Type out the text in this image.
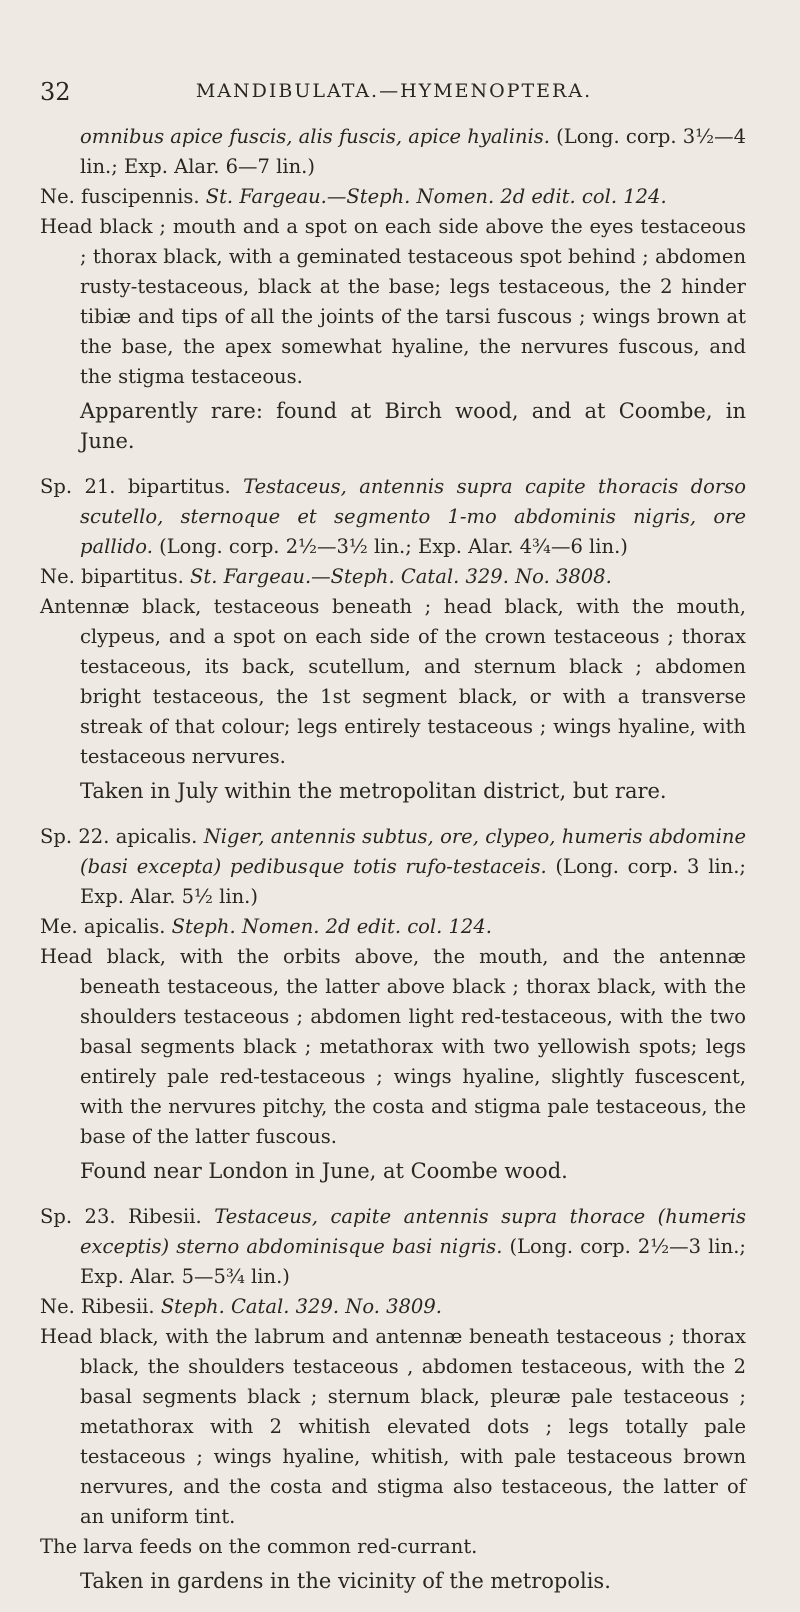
32	MANDIBULATA.—HYMENOPTERA.

omnibus apice fuscis, alis fuscis, apice hyalinis. (Long. corp. 3½—4 lin.; Exp. Alar. 6—7 lin.)

Ne. fuscipennis. St. Fargeau.—Steph. Nomen. 2d edit. col. 124.

Head black ; mouth and a spot on each side above the eyes testaceous ; thorax black, with a geminated testaceous spot behind ; abdomen rusty-testaceous, black at the base; legs testaceous, the 2 hinder tibiæ and tips of all the joints of the tarsi fuscous ; wings brown at the base, the apex somewhat hyaline, the nervures fuscous, and the stigma testaceous.

Apparently rare: found at Birch wood, and at Coombe, in June.

Sp. 21. bipartitus. Testaceus, antennis supra capite thoracis dorso scutello, sternoque et segmento 1-mo abdominis nigris, ore pallido. (Long. corp. 2½—3½ lin.; Exp. Alar. 4¾—6 lin.)

Ne. bipartitus. St. Fargeau.—Steph. Catal. 329. No. 3808.

Antennæ black, testaceous beneath ; head black, with the mouth, clypeus, and a spot on each side of the crown testaceous ; thorax testaceous, its back, scutellum, and sternum black ; abdomen bright testaceous, the 1st segment black, or with a transverse streak of that colour; legs entirely testaceous ; wings hyaline, with testaceous nervures.

Taken in July within the metropolitan district, but rare.

Sp. 22. apicalis. Niger, antennis subtus, ore, clypeo, humeris abdomine (basi excepta) pedibusque totis rufo-testaceis. (Long. corp. 3 lin.; Exp. Alar. 5½ lin.)

Me. apicalis. Steph. Nomen. 2d edit. col. 124.

Head black, with the orbits above, the mouth, and the antennæ beneath testaceous, the latter above black ; thorax black, with the shoulders testaceous ; abdomen light red-testaceous, with the two basal segments black ; metathorax with two yellowish spots; legs entirely pale red-testaceous ; wings hyaline, slightly fuscescent, with the nervures pitchy, the costa and stigma pale testaceous, the base of the latter fuscous.

Found near London in June, at Coombe wood.

Sp. 23. Ribesii. Testaceus, capite antennis supra thorace (humeris exceptis) sterno abdominisque basi nigris. (Long. corp. 2½—3 lin.; Exp. Alar. 5—5¾ lin.)

Ne. Ribesii. Steph. Catal. 329. No. 3809.

Head black, with the labrum and antennæ beneath testaceous ; thorax black, the shoulders testaceous , abdomen testaceous, with the 2 basal segments black ; sternum black, pleuræ pale testaceous ; metathorax with 2 whitish elevated dots ; legs totally pale testaceous ; wings hyaline, whitish, with pale testaceous brown nervures, and the costa and stigma also testaceous, the latter of an uniform tint.

The larva feeds on the common red-currant.

Taken in gardens in the vicinity of the metropolis.
